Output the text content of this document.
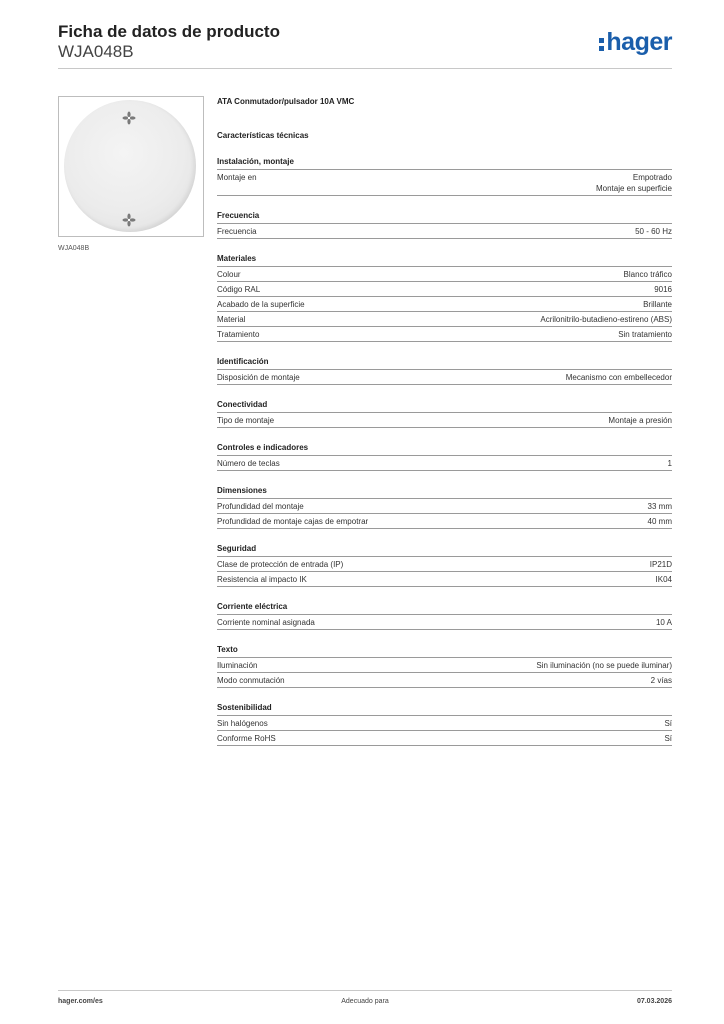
Ficha de datos de producto
WJA048B	hager
WJA048B
ATA Conmutador/pulsador 10A VMC
Características técnicas
Instalación, montaje
Montaje en	Empotrado
Montaje en superficie
Frecuencia
Frecuencia	50 - 60 Hz
Materiales
Colour	Blanco tráfico
Código RAL	9016
Acabado de la superficie	Brillante
Material	Acrilonitrilo-butadieno-estireno (ABS)
Tratamiento	Sin tratamiento
Identificación
Disposición de montaje	Mecanismo con embellecedor
Conectividad
Tipo de montaje	Montaje a presión
Controles e indicadores
Número de teclas	1
Dimensiones
Profundidad del montaje	33 mm
Profundidad de montaje cajas de empotrar	40 mm
Seguridad
Clase de protección de entrada (IP)	IP21D
Resistencia al impacto IK	IK04
Corriente eléctrica
Corriente nominal asignada	10 A
Texto
Iluminación	Sin iluminación (no se puede iluminar)
Modo conmutación	2 vías
Sostenibilidad
Sin halógenos	Sí
Conforme RoHS	Sí
hager.com/es	Adecuado para	07.03.2026
